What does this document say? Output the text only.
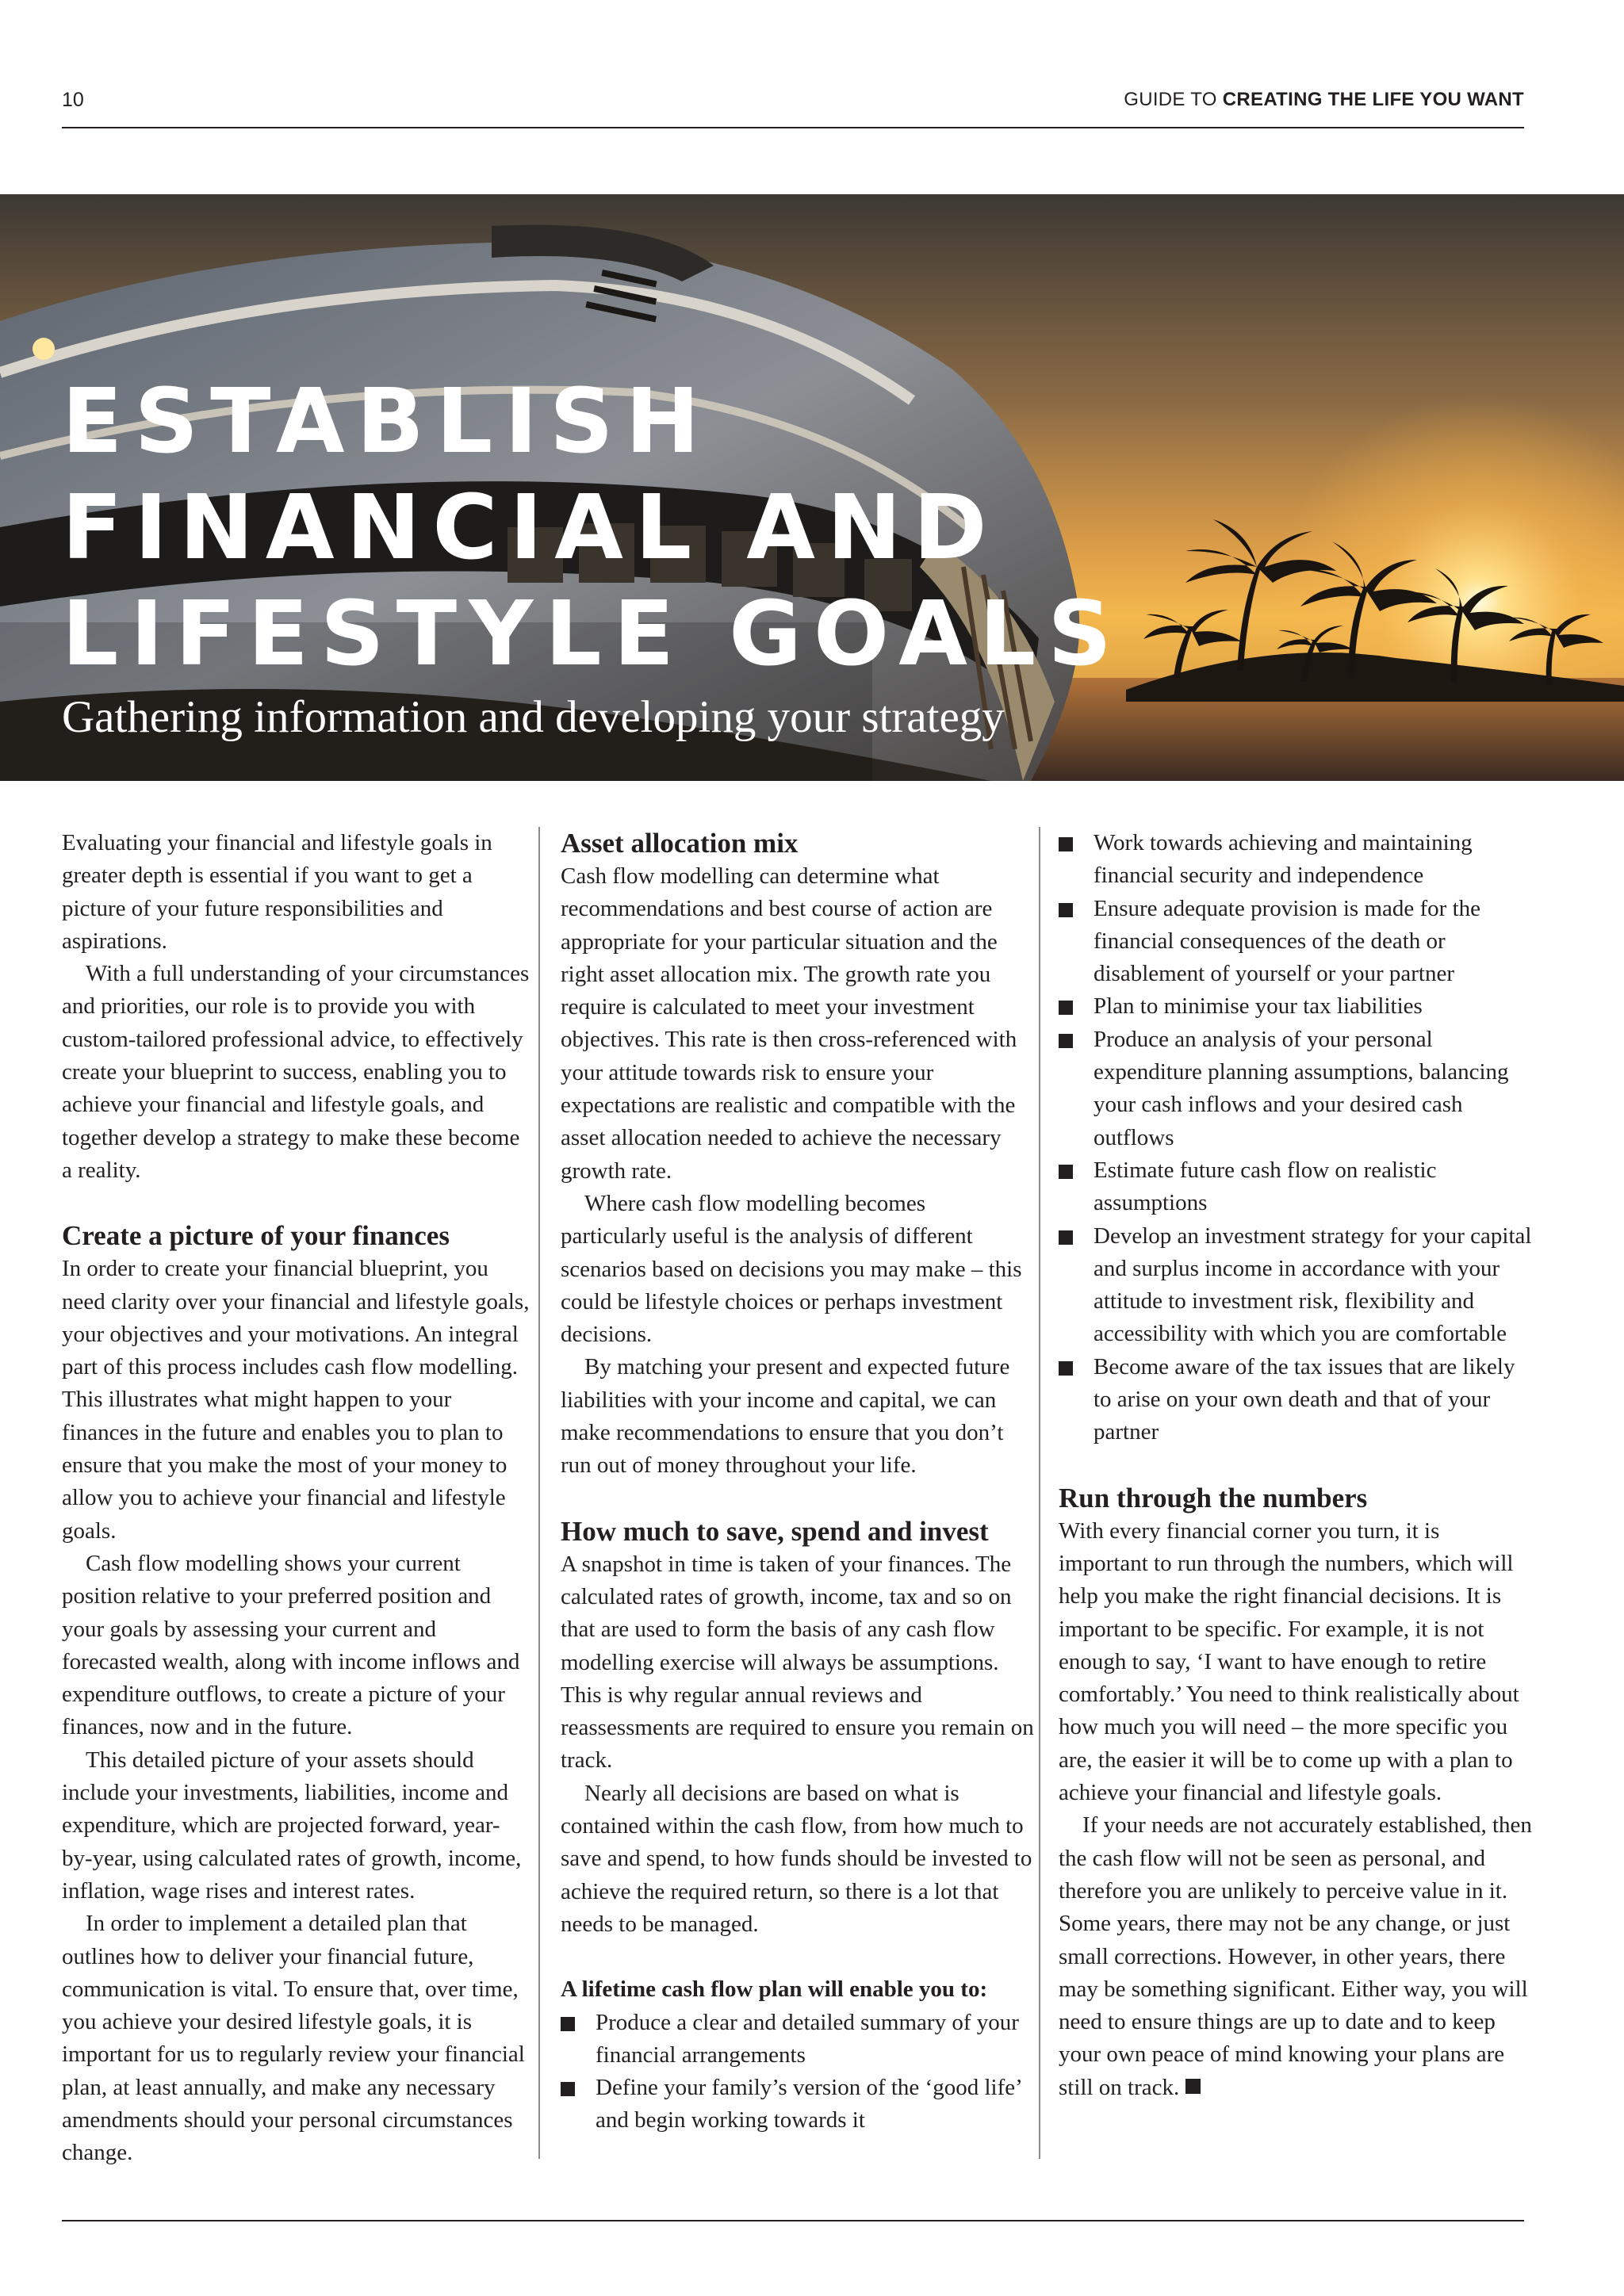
10	GUIDE TO CREATING THE LIFE YOU WANT
ESTABLISH
FINANCIAL AND
LIFESTYLE GOALS
Gathering information and developing your strategy

Evaluating your financial and lifestyle goals in greater depth is essential if you want to get a picture of your future responsibilities and aspirations.

With a full understanding of your circumstances and priorities, our role is to provide you with custom-tailored professional advice, to effectively create your blueprint to success, enabling you to achieve your financial and lifestyle goals, and together develop a strategy to make these become a reality.

Create a picture of your finances

In order to create your financial blueprint, you need clarity over your financial and lifestyle goals, your objectives and your motivations. An integral part of this process includes cash flow modelling. This illustrates what might happen to your finances in the future and enables you to plan to ensure that you make the most of your money to allow you to achieve your financial and lifestyle goals.

Cash flow modelling shows your current position relative to your preferred position and your goals by assessing your current and forecasted wealth, along with income inflows and expenditure outflows, to create a picture of your finances, now and in the future.

This detailed picture of your assets should include your investments, liabilities, income and expenditure, which are projected forward, year-by-year, using calculated rates of growth, income, inflation, wage rises and interest rates.

In order to implement a detailed plan that outlines how to deliver your financial future, communication is vital. To ensure that, over time, you achieve your desired lifestyle goals, it is important for us to regularly review your financial plan, at least annually, and make any necessary amendments should your personal circumstances change.

Asset allocation mix

Cash flow modelling can determine what recommendations and best course of action are appropriate for your particular situation and the right asset allocation mix. The growth rate you require is calculated to meet your investment objectives. This rate is then cross-referenced with your attitude towards risk to ensure your expectations are realistic and compatible with the asset allocation needed to achieve the necessary growth rate.

Where cash flow modelling becomes particularly useful is the analysis of different scenarios based on decisions you may make – this could be lifestyle choices or perhaps investment decisions.

By matching your present and expected future liabilities with your income and capital, we can make recommendations to ensure that you don’t run out of money throughout your life.

How much to save, spend and invest

A snapshot in time is taken of your finances. The calculated rates of growth, income, tax and so on that are used to form the basis of any cash flow modelling exercise will always be assumptions. This is why regular annual reviews and reassessments are required to ensure you remain on track.

Nearly all decisions are based on what is contained within the cash flow, from how much to save and spend, to how funds should be invested to achieve the required return, so there is a lot that needs to be managed.

A lifetime cash flow plan will enable you to:
Produce a clear and detailed summary of your financial arrangements
Define your family’s version of the ‘good life’ and begin working towards it
Work towards achieving and maintaining financial security and independence
Ensure adequate provision is made for the financial consequences of the death or disablement of yourself or your partner
Plan to minimise your tax liabilities
Produce an analysis of your personal expenditure planning assumptions, balancing your cash inflows and your desired cash outflows
Estimate future cash flow on realistic assumptions
Develop an investment strategy for your capital and surplus income in accordance with your attitude to investment risk, flexibility and accessibility with which you are comfortable
Become aware of the tax issues that are likely to arise on your own death and that of your partner
Run through the numbers

With every financial corner you turn, it is important to run through the numbers, which will help you make the right financial decisions. It is important to be specific. For example, it is not enough to say, ‘I want to have enough to retire comfortably.’ You need to think realistically about how much you will need – the more specific you are, the easier it will be to come up with a plan to achieve your financial and lifestyle goals.

If your needs are not accurately established, then the cash flow will not be seen as personal, and therefore you are unlikely to perceive value in it. Some years, there may not be any change, or just small corrections. However, in other years, there may be something significant. Either way, you will need to ensure things are up to date and to keep your own peace of mind knowing your plans are still on track.
